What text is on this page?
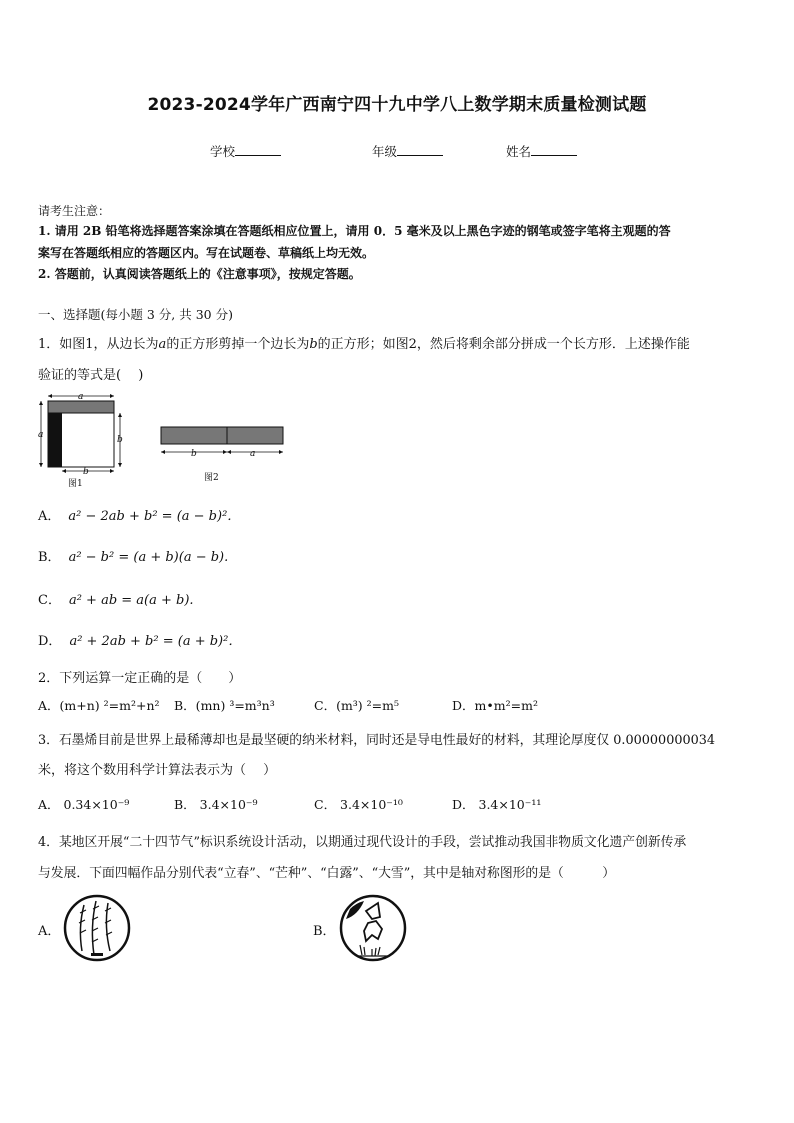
2023-2024学年广西南宁四十九中学八上数学期末质量检测试题
学校	年级	姓名
请考生注意：
1. 请用 2B 铅笔将选择题答案涂填在答题纸相应位置上，请用 0．5 毫米及以上黑色字迹的钢笔或签字笔将主观题的答
案写在答题纸相应的答题区内。写在试题卷、草稿纸上均无效。
2. 答题前，认真阅读答题纸上的《注意事项》，按规定答题。
一、选择题(每小题 3 分, 共 30 分)
1．如图1，从边长为a的正方形剪掉一个边长为b的正方形；如图2，然后将剩余部分拼成一个长方形．上述操作能
验证的等式是(　 )
a
a	b
b
图1
b	a
图2
A． a² − 2ab + b² = (a − b)²．
B． a² − b² = (a + b)(a − b).
C． a² + ab = a(a + b).
D． a² + 2ab + b² = (a + b)²．
2．下列运算一定正确的是（　　）
A．(m+n) ²=m²+n² B．(mn) ³=m³n³	C．(m³) ²=m⁵	D．m•m²=m²
3．石墨烯目前是世界上最稀薄却也是最坚硬的纳米材料，同时还是导电性最好的材料，其理论厚度仅 0.00000000034
米，将这个数用科学计算法表示为（　 ）
A． 0.34×10⁻⁹	B． 3.4×10⁻⁹	C． 3.4×10⁻¹⁰	D． 3.4×10⁻¹¹
4．某地区开展“二十四节气”标识系统设计活动，以期通过现代设计的手段，尝试推动我国非物质文化遗产创新传承
与发展．下面四幅作品分别代表“立春”、“芒种”、“白露”、“大雪”，其中是轴对称图形的是（　　　）
A．	B．
